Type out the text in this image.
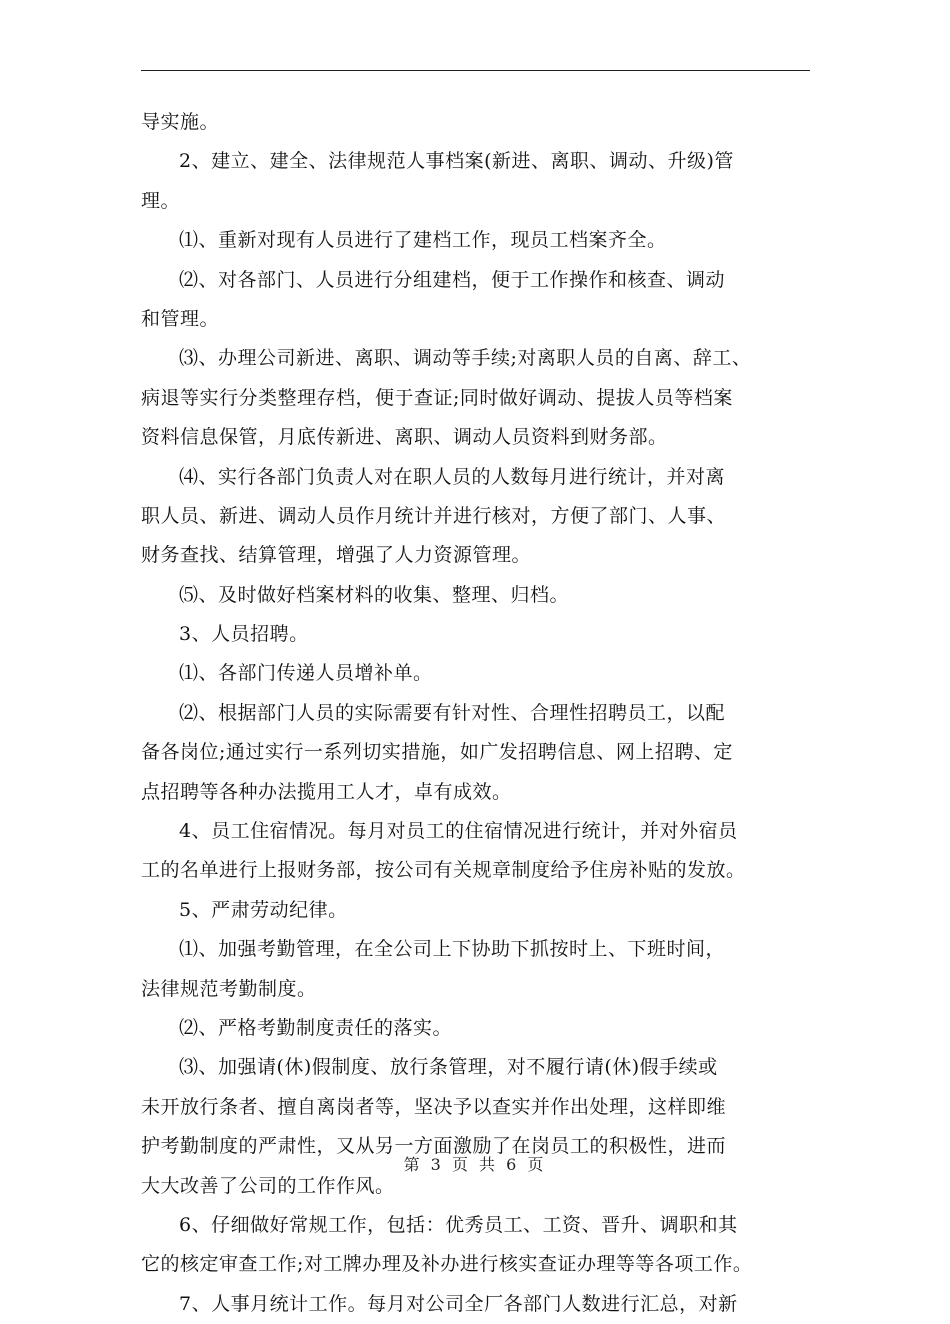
导实施。
2、建立、建全、法律规范人事档案(新进、离职、调动、升级)管
理。
⑴、重新对现有人员进行了建档工作，现员工档案齐全。
⑵、对各部门、人员进行分组建档，便于工作操作和核查、调动
和管理。
⑶、办理公司新进、离职、调动等手续;对离职人员的自离、辞工、
病退等实行分类整理存档，便于查证;同时做好调动、提拔人员等档案
资料信息保管，月底传新进、离职、调动人员资料到财务部。
⑷、实行各部门负责人对在职人员的人数每月进行统计，并对离
职人员、新进、调动人员作月统计并进行核对，方便了部门、人事、
财务查找、结算管理，增强了人力资源管理。
⑸、及时做好档案材料的收集、整理、归档。
3、人员招聘。
⑴、各部门传递人员增补单。
⑵、根据部门人员的实际需要有针对性、合理性招聘员工，以配
备各岗位;通过实行一系列切实措施，如广发招聘信息、网上招聘、定
点招聘等各种办法揽用工人才，卓有成效。
4、员工住宿情况。每月对员工的住宿情况进行统计，并对外宿员
工的名单进行上报财务部，按公司有关规章制度给予住房补贴的发放。
5、严肃劳动纪律。
⑴、加强考勤管理，在全公司上下协助下抓按时上、下班时间，
法律规范考勤制度。
⑵、严格考勤制度责任的落实。
⑶、加强请(休)假制度、放行条管理，对不履行请(休)假手续或
未开放行条者、擅自离岗者等，坚决予以查实并作出处理，这样即维
护考勤制度的严肃性，又从另一方面激励了在岗员工的积极性，进而
大大改善了公司的工作作风。
6、仔细做好常规工作，包括：优秀员工、工资、晋升、调职和其
它的核定审查工作;对工牌办理及补办进行核实查证办理等等各项工作。
7、人事月统计工作。每月对公司全厂各部门人数进行汇总，对新
第 3 页 共 6 页
